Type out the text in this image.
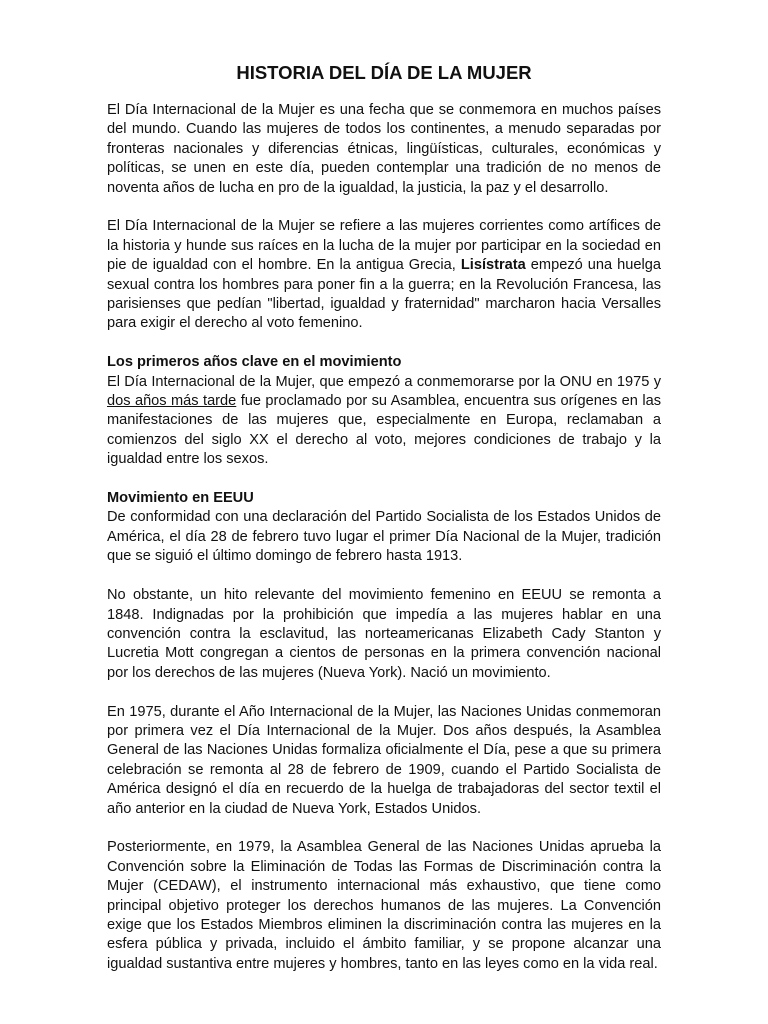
HISTORIA DEL DÍA DE LA MUJER

El Día Internacional de la Mujer es una fecha que se conmemora en muchos países del mundo. Cuando las mujeres de todos los continentes, a menudo separadas por fronteras nacionales y diferencias étnicas, lingüísticas, culturales, económicas y políticas, se unen en este día, pueden contemplar una tradición de no menos de noventa años de lucha en pro de la igualdad, la justicia, la paz y el desarrollo.

El Día Internacional de la Mujer se refiere a las mujeres corrientes como artífices de la historia y hunde sus raíces en la lucha de la mujer por participar en la sociedad en pie de igualdad con el hombre. En la antigua Grecia, Lisístrata empezó una huelga sexual contra los hombres para poner fin a la guerra; en la Revolución Francesa, las parisienses que pedían "libertad, igualdad y fraternidad" marcharon hacia Versalles para exigir el derecho al voto femenino.

Los primeros años clave en el movimiento

El Día Internacional de la Mujer, que empezó a conmemorarse por la ONU en 1975 y dos años más tarde fue proclamado por su Asamblea, encuentra sus orígenes en las manifestaciones de las mujeres que, especialmente en Europa, reclamaban a comienzos del siglo XX el derecho al voto, mejores condiciones de trabajo y la igualdad entre los sexos.

Movimiento en EEUU

De conformidad con una declaración del Partido Socialista de los Estados Unidos de América, el día 28 de febrero tuvo lugar el primer Día Nacional de la Mujer, tradición que se siguió el último domingo de febrero hasta 1913.

No obstante, un hito relevante del movimiento femenino en EEUU se remonta a 1848. Indignadas por la prohibición que impedía a las mujeres hablar en una convención contra la esclavitud, las norteamericanas Elizabeth Cady Stanton y Lucretia Mott congregan a cientos de personas en la primera convención nacional por los derechos de las mujeres (Nueva York). Nació un movimiento.

En 1975, durante el Año Internacional de la Mujer, las Naciones Unidas conmemoran por primera vez el Día Internacional de la Mujer. Dos años después, la Asamblea General de las Naciones Unidas formaliza oficialmente el Día, pese a que su primera celebración se remonta al 28 de febrero de 1909, cuando el Partido Socialista de América designó el día en recuerdo de la huelga de trabajadoras del sector textil el año anterior en la ciudad de Nueva York, Estados Unidos.

Posteriormente, en 1979, la Asamblea General de las Naciones Unidas aprueba la Convención sobre la Eliminación de Todas las Formas de Discriminación contra la Mujer (CEDAW), el instrumento internacional más exhaustivo, que tiene como principal objetivo proteger los derechos humanos de las mujeres. La Convención exige que los Estados Miembros eliminen la discriminación contra las mujeres en la esfera pública y privada, incluido el ámbito familiar, y se propone alcanzar una igualdad sustantiva entre mujeres y hombres, tanto en las leyes como en la vida real.
